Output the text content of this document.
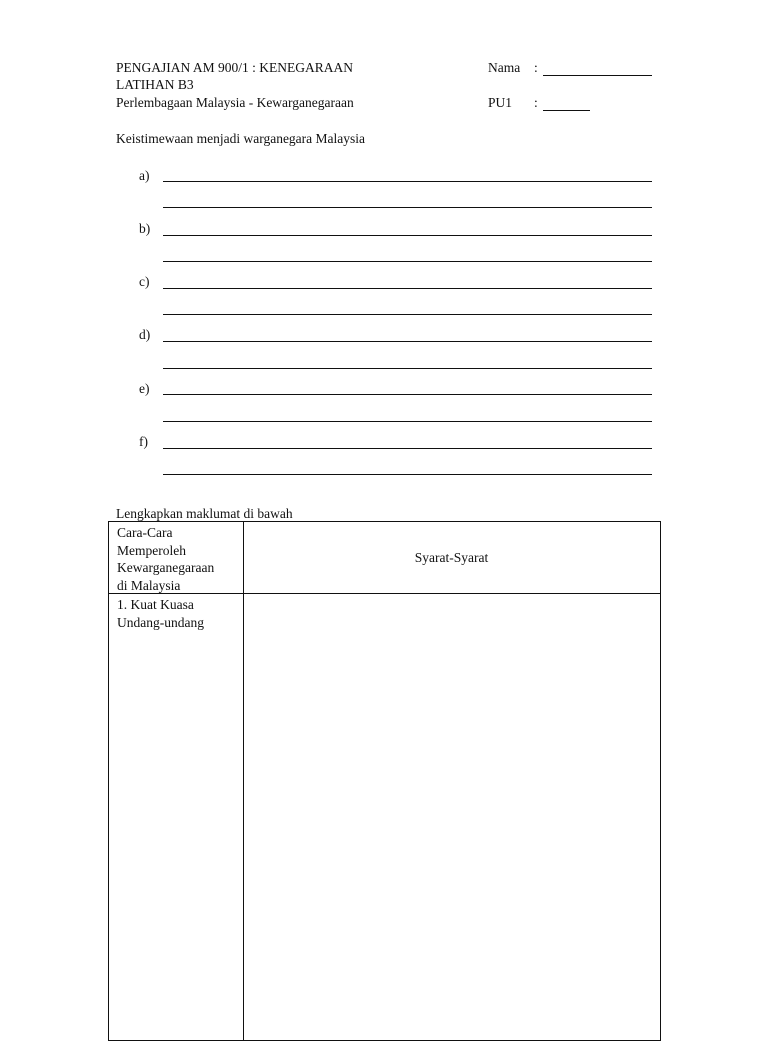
PENGAJIAN AM 900/1 : KENEGARAAN
LATIHAN B3
Perlembagaan Malaysia - Kewarganegaraan
Nama :
PU1 :
Keistimewaan menjadi warganegara Malaysia
a)
b)
c)
d)
e)
f)
Lengkapkan maklumat di bawah
Cara-Cara
Memperoleh
Kewarganegaraan
di Malaysia
Syarat-Syarat
1. Kuat Kuasa
Undang-undang
